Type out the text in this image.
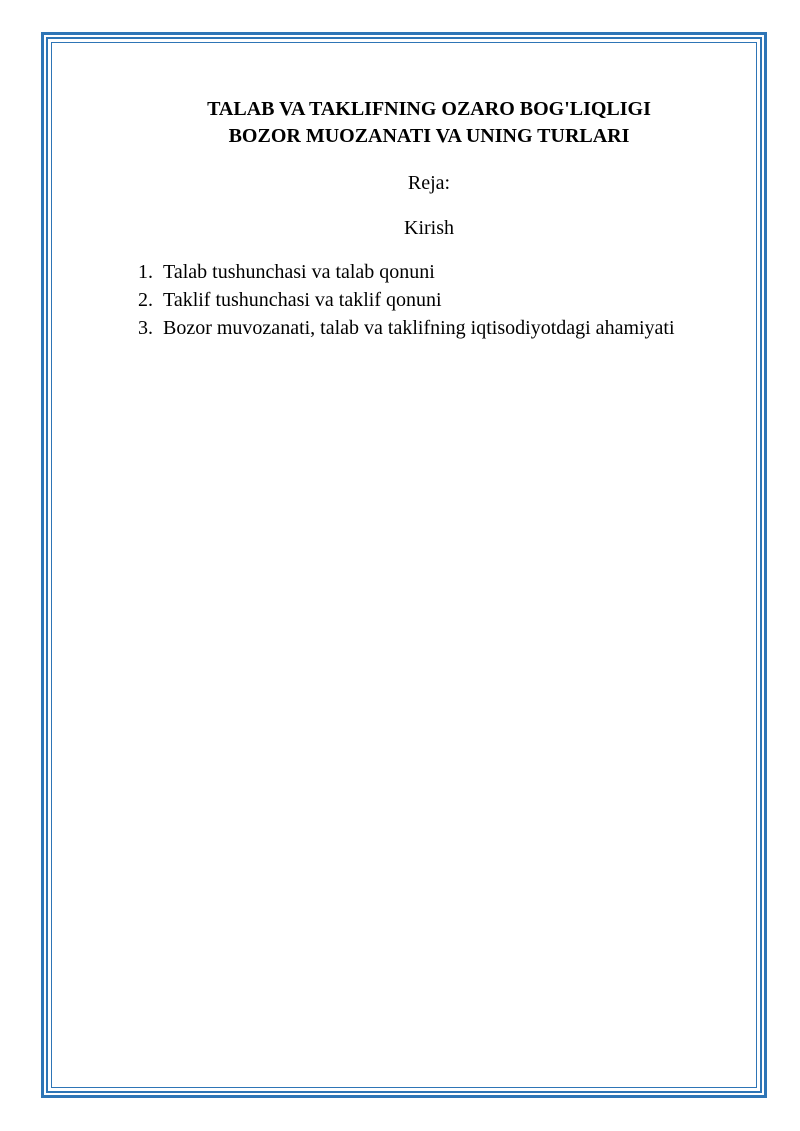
TALAB VA TAKLIFNING OZARO BOG'LIQLIGI
BOZOR MUOZANATI VA UNING TURLARI
Reja:
Kirish
1. Talab tushunchasi va talab qonuni
2. Taklif tushunchasi va taklif qonuni
3. Bozor muvozanati, talab va taklifning iqtisodiyotdagi ahamiyati
